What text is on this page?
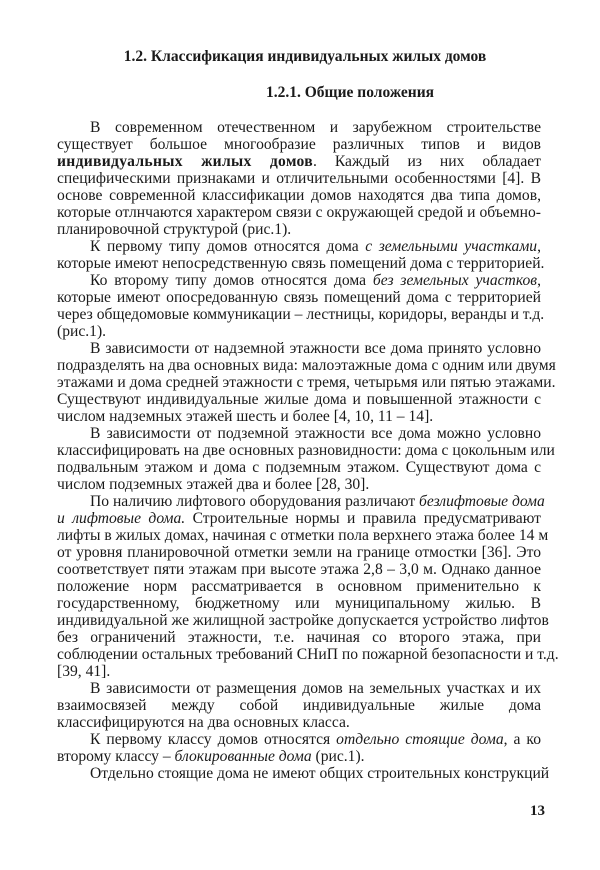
1.2. Классификация индивидуальных жилых домов
1.2.1. Общие положения
В современном отечественном и зарубежном строительстве
существует большое многообразие различных типов и видов
индивидуальных жилых домов. Каждый из них обладает
специфическими признаками и отличительными особенностями [4]. В
основе современной классификации домов находятся два типа домов,
которые отлнчаются характером связи с окружающей средой и объемно-
планировочной структурой (рис.1).
К первому типу домов относятся дома с земельными участками,
которые имеют непосредственную связь помещений дома с территорией.
Ко второму типу домов относятся дома без земельных участков,
которые имеют опосредованную связь помещений дома с территорией
через общедомовые коммуникации – лестницы, коридоры, веранды и т.д.
(рис.1).
В зависимости от надземной этажности все дома принято условно
подразделять на два основных вида: малоэтажные дома с одним или двумя
этажами и дома средней этажности с тремя, четырьмя или пятью этажами.
Существуют индивидуальные жилые дома и повышенной этажности с
числом надземных этажей шесть и более [4, 10, 11 – 14].
В зависимости от подземной этажности все дома можно условно
классифицировать на две основных разновидности: дома с цокольным или
подвальным этажом и дома с подземным этажом. Существуют дома с
числом подземных этажей два и более [28, 30].
По наличию лифтового оборудования различают безлифтовые дома
и лифтовые дома. Строительные нормы и правила предусматривают
лифты в жилых домах, начиная с отметки пола верхнего этажа более 14 м
от уровня планировочной отметки земли на границе отмостки [36]. Это
соответствует пяти этажам при высоте этажа 2,8 – 3,0 м. Однако данное
положение норм рассматривается в основном применительно к
государственному, бюджетному или муниципальному жилью. В
индивидуальной же жилищной застройке допускается устройство лифтов
без ограничений этажности, т.е. начиная со второго этажа, при
соблюдении остальных требований СНиП по пожарной безопасности и т.д.
[39, 41].
В зависимости от размещения домов на земельных участках и их
взаимосвязей между собой индивидуальные жилые дома
классифицируются на два основных класса.
К первому классу домов относятся отдельно стоящие дома, а ко
второму классу – блокированные дома (рис.1).
Отдельно стоящие дома не имеют общих строительных конструкций
13
